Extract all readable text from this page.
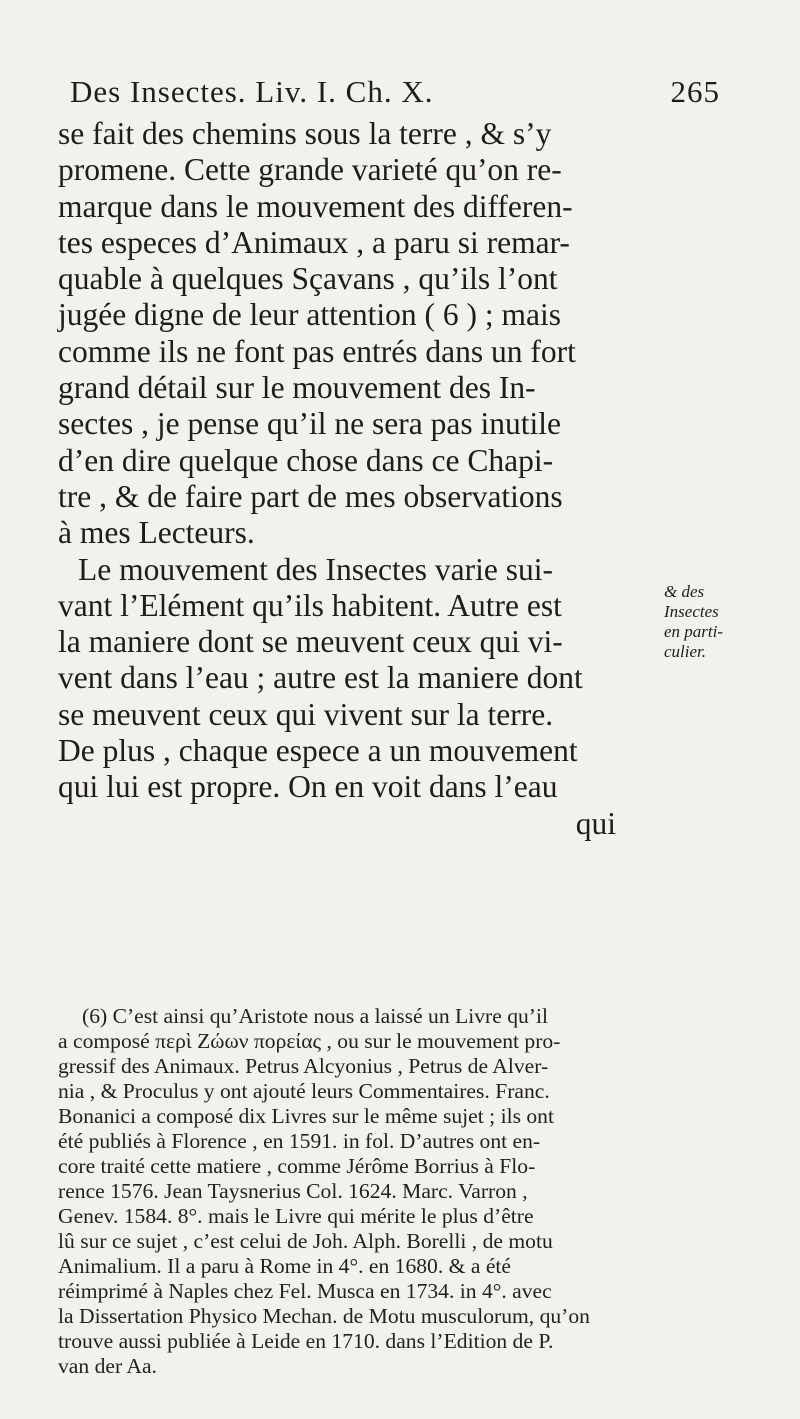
Des Insectes. Liv. I. Ch. X.	265
se fait des chemins sous la terre , & s’y
promene. Cette grande varieté qu’on re-
marque dans le mouvement des differen-
tes especes d’Animaux , a paru si remar-
quable à quelques Sçavans , qu’ils l’ont
jugée digne de leur attention ( 6 ) ; mais
comme ils ne font pas entrés dans un fort
grand détail sur le mouvement des In-
sectes , je pense qu’il ne sera pas inutile
d’en dire quelque chose dans ce Chapi-
tre , & de faire part de mes observations
à mes Lecteurs.
Le mouvement des Insectes varie sui-
vant l’Elément qu’ils habitent. Autre est
la maniere dont se meuvent ceux qui vi-
vent dans l’eau ; autre est la maniere dont
se meuvent ceux qui vivent sur la terre.
De plus , chaque espece a un mouvement
qui lui est propre. On en voit dans l’eau
qui
& des
Insectes
en parti-
culier.
(6) C’est ainsi qu’Aristote nous a laissé un Livre qu’il
a composé περὶ Ζώων πορείας , ou sur le mouvement pro-
gressif des Animaux. Petrus Alcyonius , Petrus de Alver-
nia , & Proculus y ont ajouté leurs Commentaires. Franc.
Bonanici a composé dix Livres sur le même sujet ; ils ont
été publiés à Florence , en 1591. in fol. D’autres ont en-
core traité cette matiere , comme Jérôme Borrius à Flo-
rence 1576. Jean Taysnerius Col. 1624. Marc. Varron ,
Genev. 1584. 8°. mais le Livre qui mérite le plus d’être
lû sur ce sujet , c’est celui de Joh. Alph. Borelli , de motu
Animalium. Il a paru à Rome in 4°. en 1680. & a été
réimprimé à Naples chez Fel. Musca en 1734. in 4°. avec
la Dissertation Physico Mechan. de Motu musculorum, qu’on
trouve aussi publiée à Leide en 1710. dans l’Edition de P.
van der Aa.
